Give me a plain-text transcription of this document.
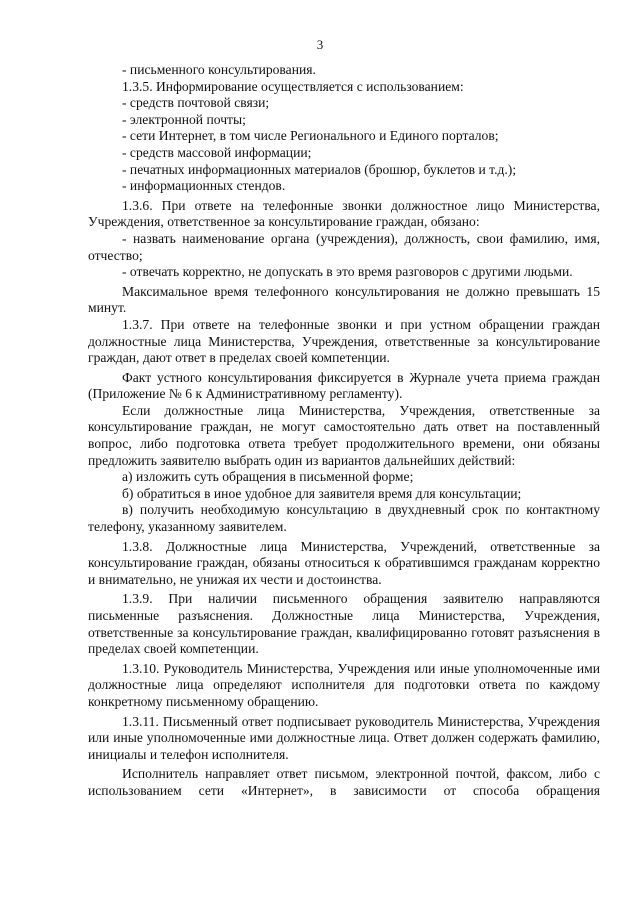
3

- письменного консультирования.

1.3.5. Информирование осуществляется с использованием:

- средств почтовой связи;

- электронной почты;

- сети Интернет, в том числе Регионального и Единого порталов;

- средств массовой информации;

- печатных информационных материалов (брошюр, буклетов и т.д.);

- информационных стендов.

1.3.6. При ответе на телефонные звонки должностное лицо Министерства, Учреждения, ответственное за консультирование граждан, обязано:

- назвать наименование органа (учреждения), должность, свои фамилию, имя, отчество;

- отвечать корректно, не допускать в это время разговоров с другими людьми.

Максимальное время телефонного консультирования не должно превышать 15 минут.

1.3.7. При ответе на телефонные звонки и при устном обращении граждан должностные лица Министерства, Учреждения, ответственные за консультирование граждан, дают ответ в пределах своей компетенции.

Факт устного консультирования фиксируется в Журнале учета приема граждан (Приложение № 6 к Административному регламенту).

Если должностные лица Министерства, Учреждения, ответственные за консультирование граждан, не могут самостоятельно дать ответ на поставленный вопрос, либо подготовка ответа требует продолжительного времени, они обязаны предложить заявителю выбрать один из вариантов дальнейших действий:

а) изложить суть обращения в письменной форме;

б) обратиться в иное удобное для заявителя время для консультации;

в) получить необходимую консультацию в двухдневный срок по контактному телефону, указанному заявителем.

1.3.8. Должностные лица Министерства, Учреждений, ответственные за консультирование граждан, обязаны относиться к обратившимся гражданам корректно и внимательно, не унижая их чести и достоинства.

1.3.9. При наличии письменного обращения заявителю направляются письменные разъяснения. Должностные лица Министерства, Учреждения, ответственные за консультирование граждан, квалифицированно готовят разъяснения в пределах своей компетенции.

1.3.10. Руководитель Министерства, Учреждения или иные уполномоченные ими должностные лица определяют исполнителя для подготовки ответа по каждому конкретному письменному обращению.

1.3.11. Письменный ответ подписывает руководитель Министерства, Учреждения или иные уполномоченные ими должностные лица. Ответ должен содержать фамилию, инициалы и телефон исполнителя.

Исполнитель направляет ответ письмом, электронной почтой, факсом, либо с использованием сети «Интернет», в зависимости от способа обращения
